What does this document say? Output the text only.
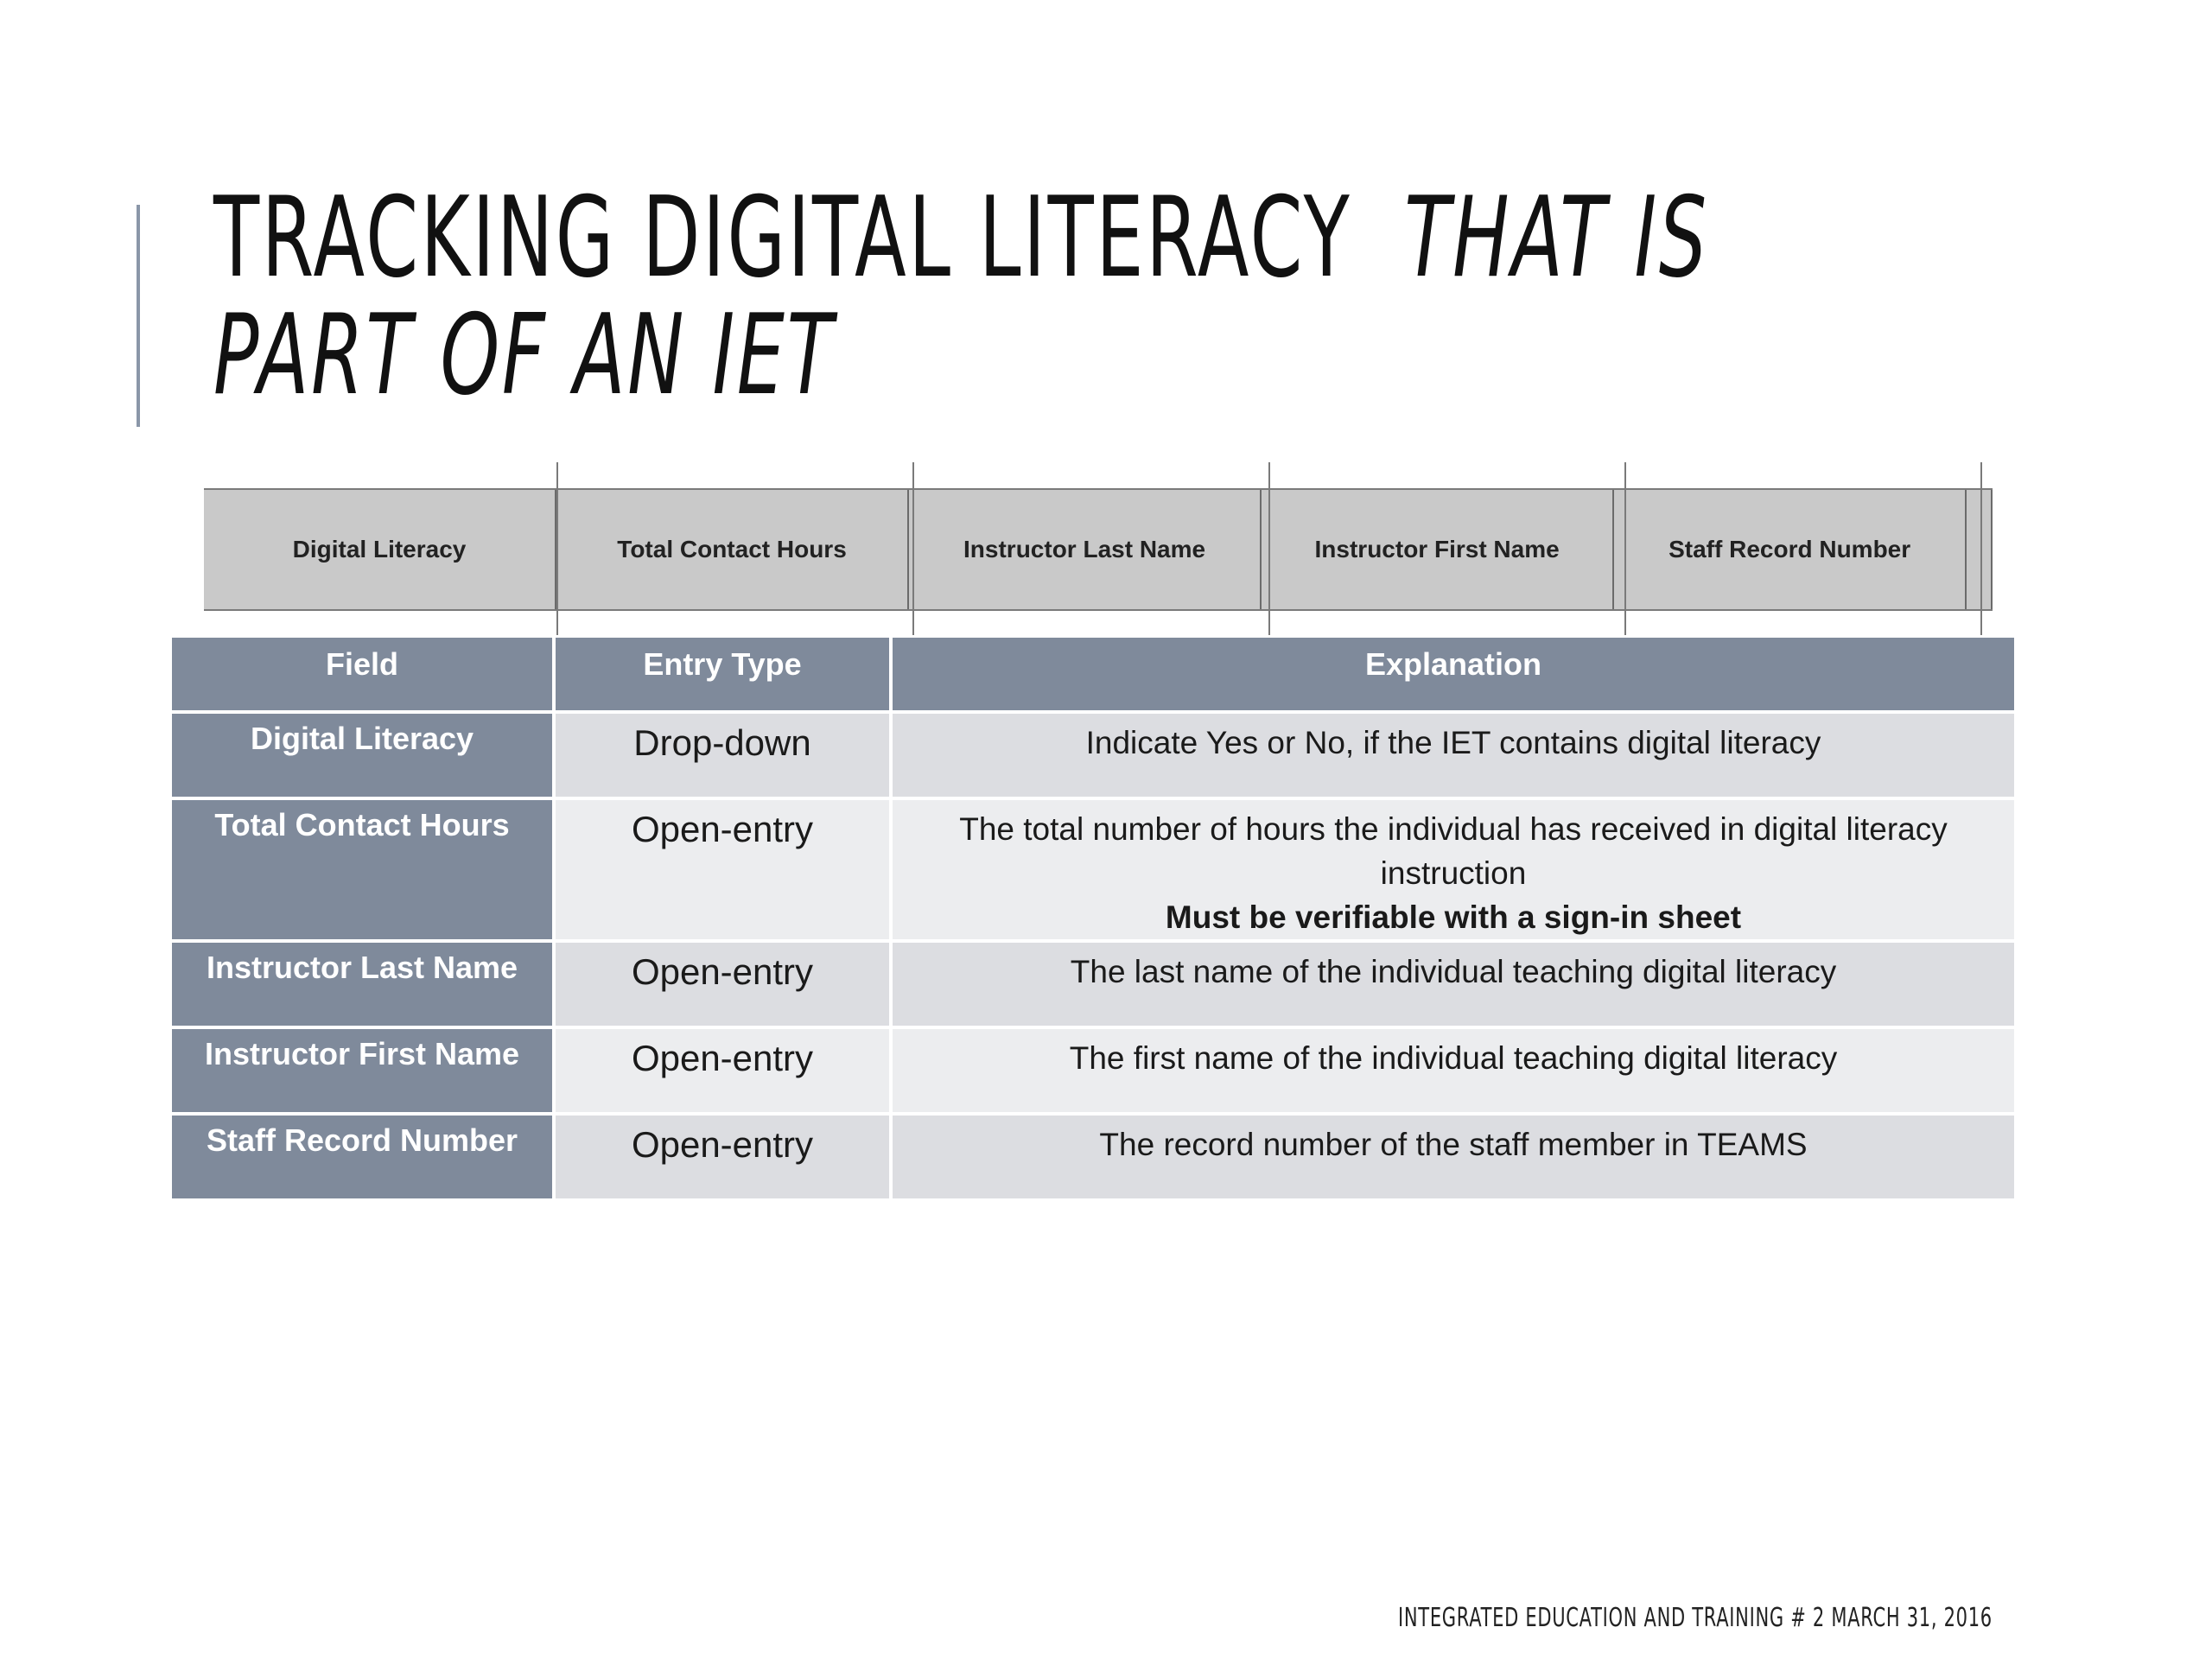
TRACKING DIGITAL LITERACY THAT IS
PART OF AN IET
Digital Literacy	Total Contact Hours	Instructor Last Name	Instructor First Name	Staff Record Number
Field	Entry Type	Explanation
Digital Literacy	Drop-down	Indicate Yes or No, if the IET contains digital literacy
Total Contact Hours	Open-entry	The total number of hours the individual has received in digital literacy instruction
Must be verifiable with a sign-in sheet

Instructor Last Name	Open-entry	The last name of the individual teaching digital literacy
Instructor First Name	Open-entry	The first name of the individual teaching digital literacy
Staff Record Number	Open-entry	The record number of the staff member in TEAMS
INTEGRATED EDUCATION AND TRAINING # 2 MARCH 31, 2016
